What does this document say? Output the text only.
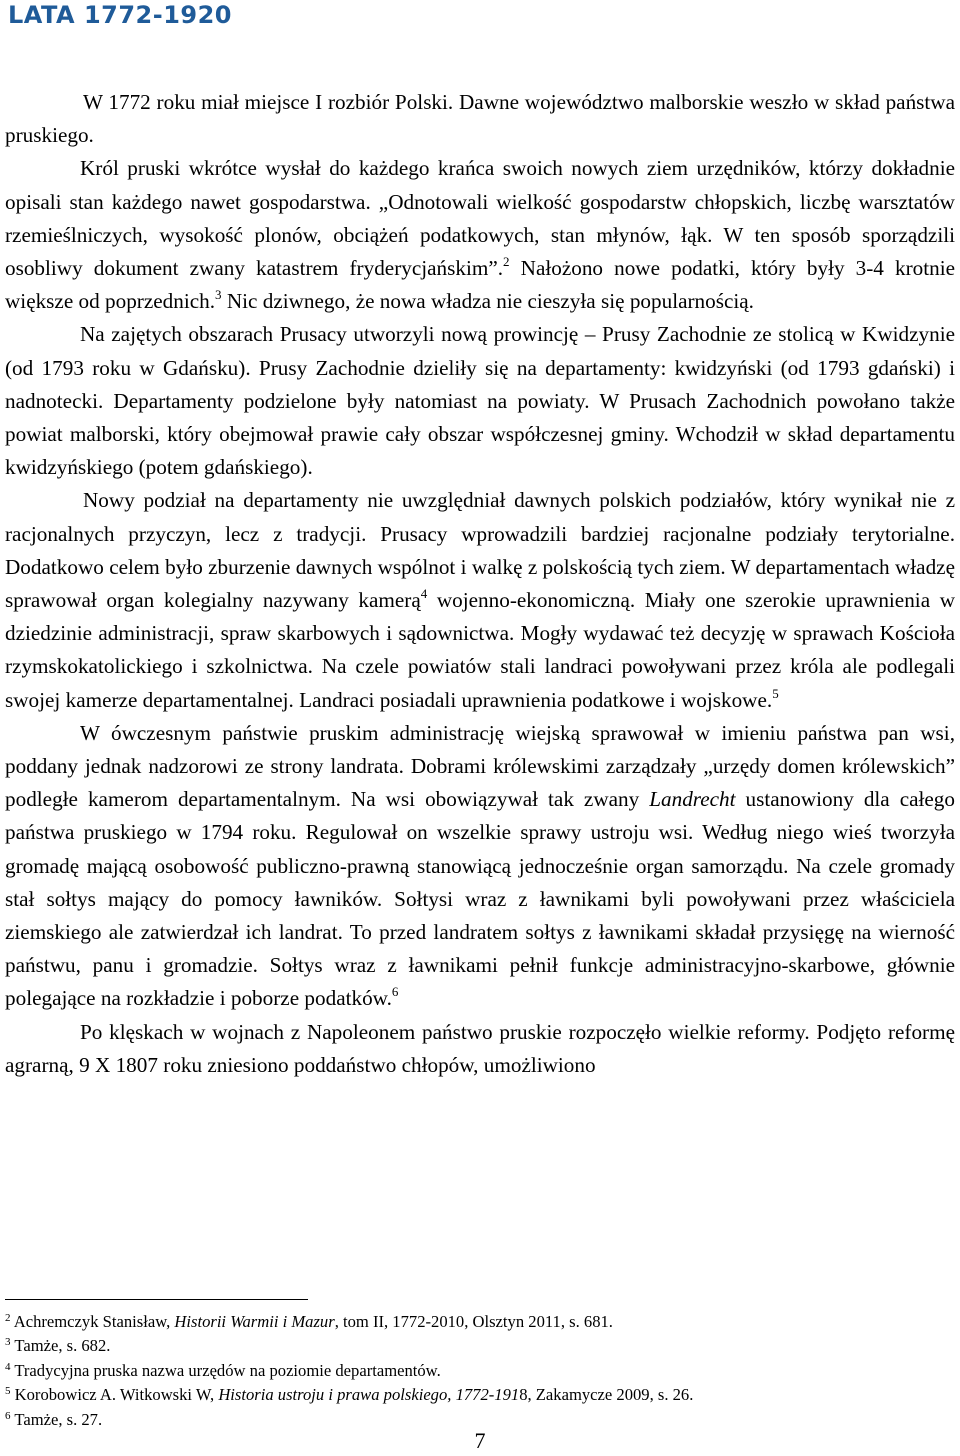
LATA 1772-1920

W 1772 roku miał miejsce I rozbiór Polski. Dawne województwo malborskie weszło w skład państwa pruskiego.

Król pruski wkrótce wysłał do każdego krańca swoich nowych ziem urzędników, którzy dokładnie opisali stan każdego nawet gospodarstwa. „Odnotowali wielkość gospodarstw chłopskich, liczbę warsztatów rzemieślniczych, wysokość plonów, obciążeń podatkowych, stan młynów, łąk. W ten sposób sporządzili osobliwy dokument zwany katastrem fryderycjańskim”.$^2$ Nałożono nowe podatki, który były 3-4 krotnie większe od poprzednich.$^3$ Nic dziwnego, że nowa władza nie cieszyła się popularnością.

Na zajętych obszarach Prusacy utworzyli nową prowincję – Prusy Zachodnie ze stolicą w Kwidzynie (od 1793 roku w Gdańsku). Prusy Zachodnie dzieliły się na departamenty: kwidzyński (od 1793 gdański) i nadnotecki. Departamenty podzielone były natomiast na powiaty. W Prusach Zachodnich powołano także powiat malborski, który obejmował prawie cały obszar współczesnej gminy. Wchodził w skład departamentu kwidzyńskiego (potem gdańskiego).

Nowy podział na departamenty nie uwzględniał dawnych polskich podziałów, który wynikał nie z racjonalnych przyczyn, lecz z tradycji. Prusacy wprowadzili bardziej racjonalne podziały terytorialne. Dodatkowo celem było zburzenie dawnych wspólnot i walkę z polskością tych ziem. W departamentach władzę sprawował organ kolegialny nazywany kamerą$^4$ wojenno-ekonomiczną. Miały one szerokie uprawnienia w dziedzinie administracji, spraw skarbowych i sądownictwa. Mogły wydawać też decyzję w sprawach Kościoła rzymskokatolickiego i szkolnictwa. Na czele powiatów stali landraci powoływani przez króla ale podlegali swojej kamerze departamentalnej. Landraci posiadali uprawnienia podatkowe i wojskowe.$^5$

W ówczesnym państwie pruskim administrację wiejską sprawował w imieniu państwa pan wsi, poddany jednak nadzorowi ze strony landrata. Dobrami królewskimi zarządzały „urzędy domen królewskich” podległe kamerom departamentalnym. Na wsi obowiązywał tak zwany Landrecht ustanowiony dla całego państwa pruskiego w 1794 roku. Regulował on wszelkie sprawy ustroju wsi. Według niego wieś tworzyła gromadę mającą osobowość publiczno-prawną stanowiącą jednocześnie organ samorządu. Na czele gromady stał sołtys mający do pomocy ławników. Sołtysi wraz z ławnikami byli powoływani przez właściciela ziemskiego ale zatwierdzał ich landrat. To przed landratem sołtys z ławnikami składał przysięgę na wierność państwu, panu i gromadzie. Sołtys wraz z ławnikami pełnił funkcje administracyjno-skarbowe, głównie polegające na rozkładzie i poborze podatków.$^6$

Po klęskach w wojnach z Napoleonem państwo pruskie rozpoczęło wielkie reformy. Podjęto reformę agrarną, 9 X 1807 roku zniesiono poddaństwo chłopów, umożliwiono

$^2$ Achremczyk Stanisław, Historii Warmii i Mazur, tom II, 1772-2010, Olsztyn 2011, s. 681.
$^3$ Tamże, s. 682.
$^4$ Tradycyjna pruska nazwa urzędów na poziomie departamentów.
$^5$ Korobowicz A. Witkowski W, Historia ustroju i prawa polskiego, 1772-1918, Zakamycze 2009, s. 26.
$^6$ Tamże, s. 27.
7
